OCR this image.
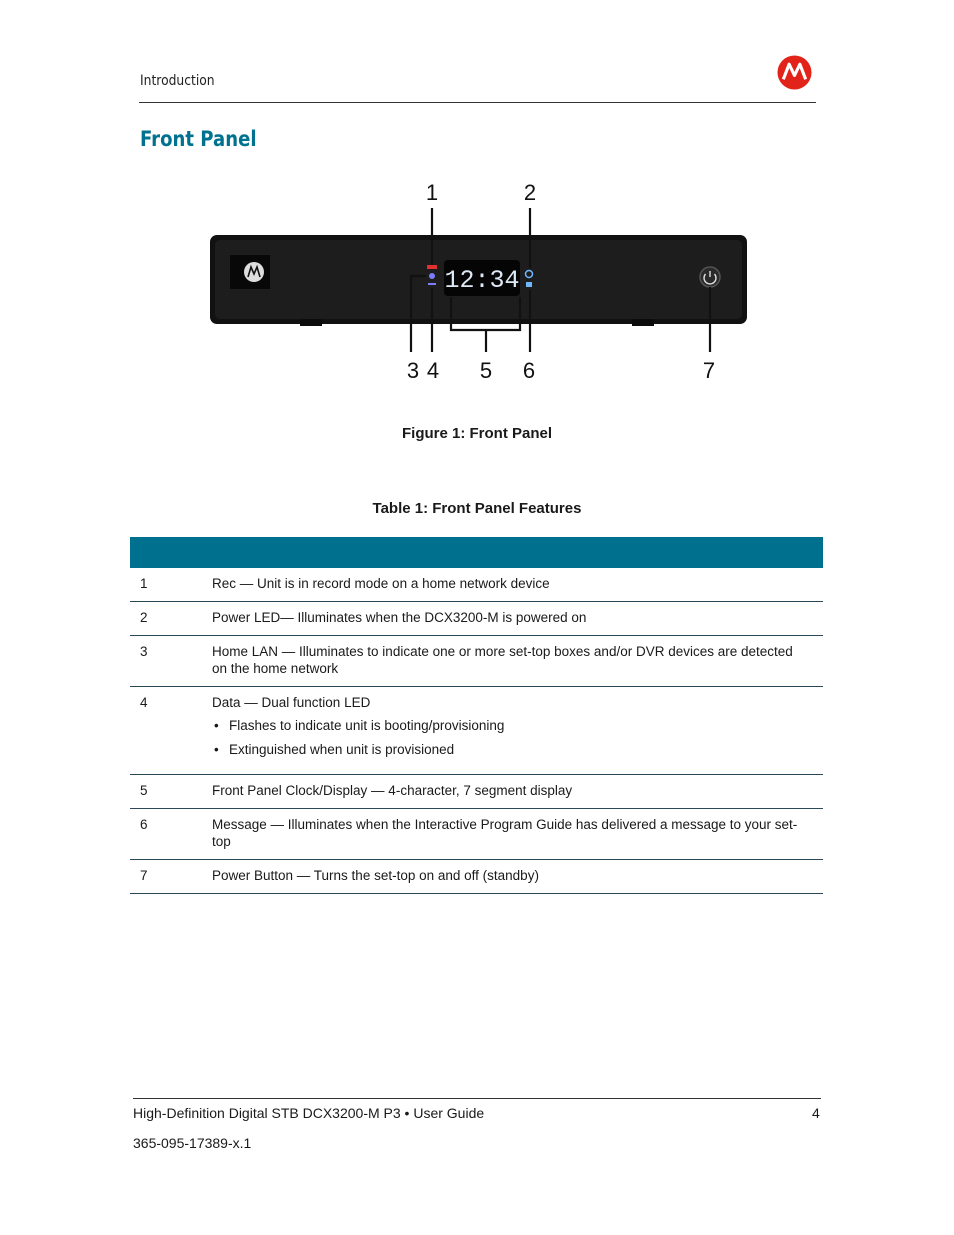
Introduction
Front Panel
12:34
1	2
3 4 5 6	7
Figure 1: Front Panel
Table 1: Front Panel Features
1	Rec — Unit is in record mode on a home network device
2	Power LED— Illuminates when the DCX3200-M is powered on
3	Home LAN — Illuminates to indicate one or more set-top boxes and/or DVR devices are detected on the home network
4	Data — Dual function LED
• Flashes to indicate unit is booting/provisioning
• Extinguished when unit is provisioned
5	Front Panel Clock/Display — 4-character, 7 segment display
6	Message — Illuminates when the Interactive Program Guide has delivered a message to your set-top
7	Power Button — Turns the set-top on and off (standby)
High-Definition Digital STB DCX3200-M P3 • User Guide	4
365-095-17389-x.1
